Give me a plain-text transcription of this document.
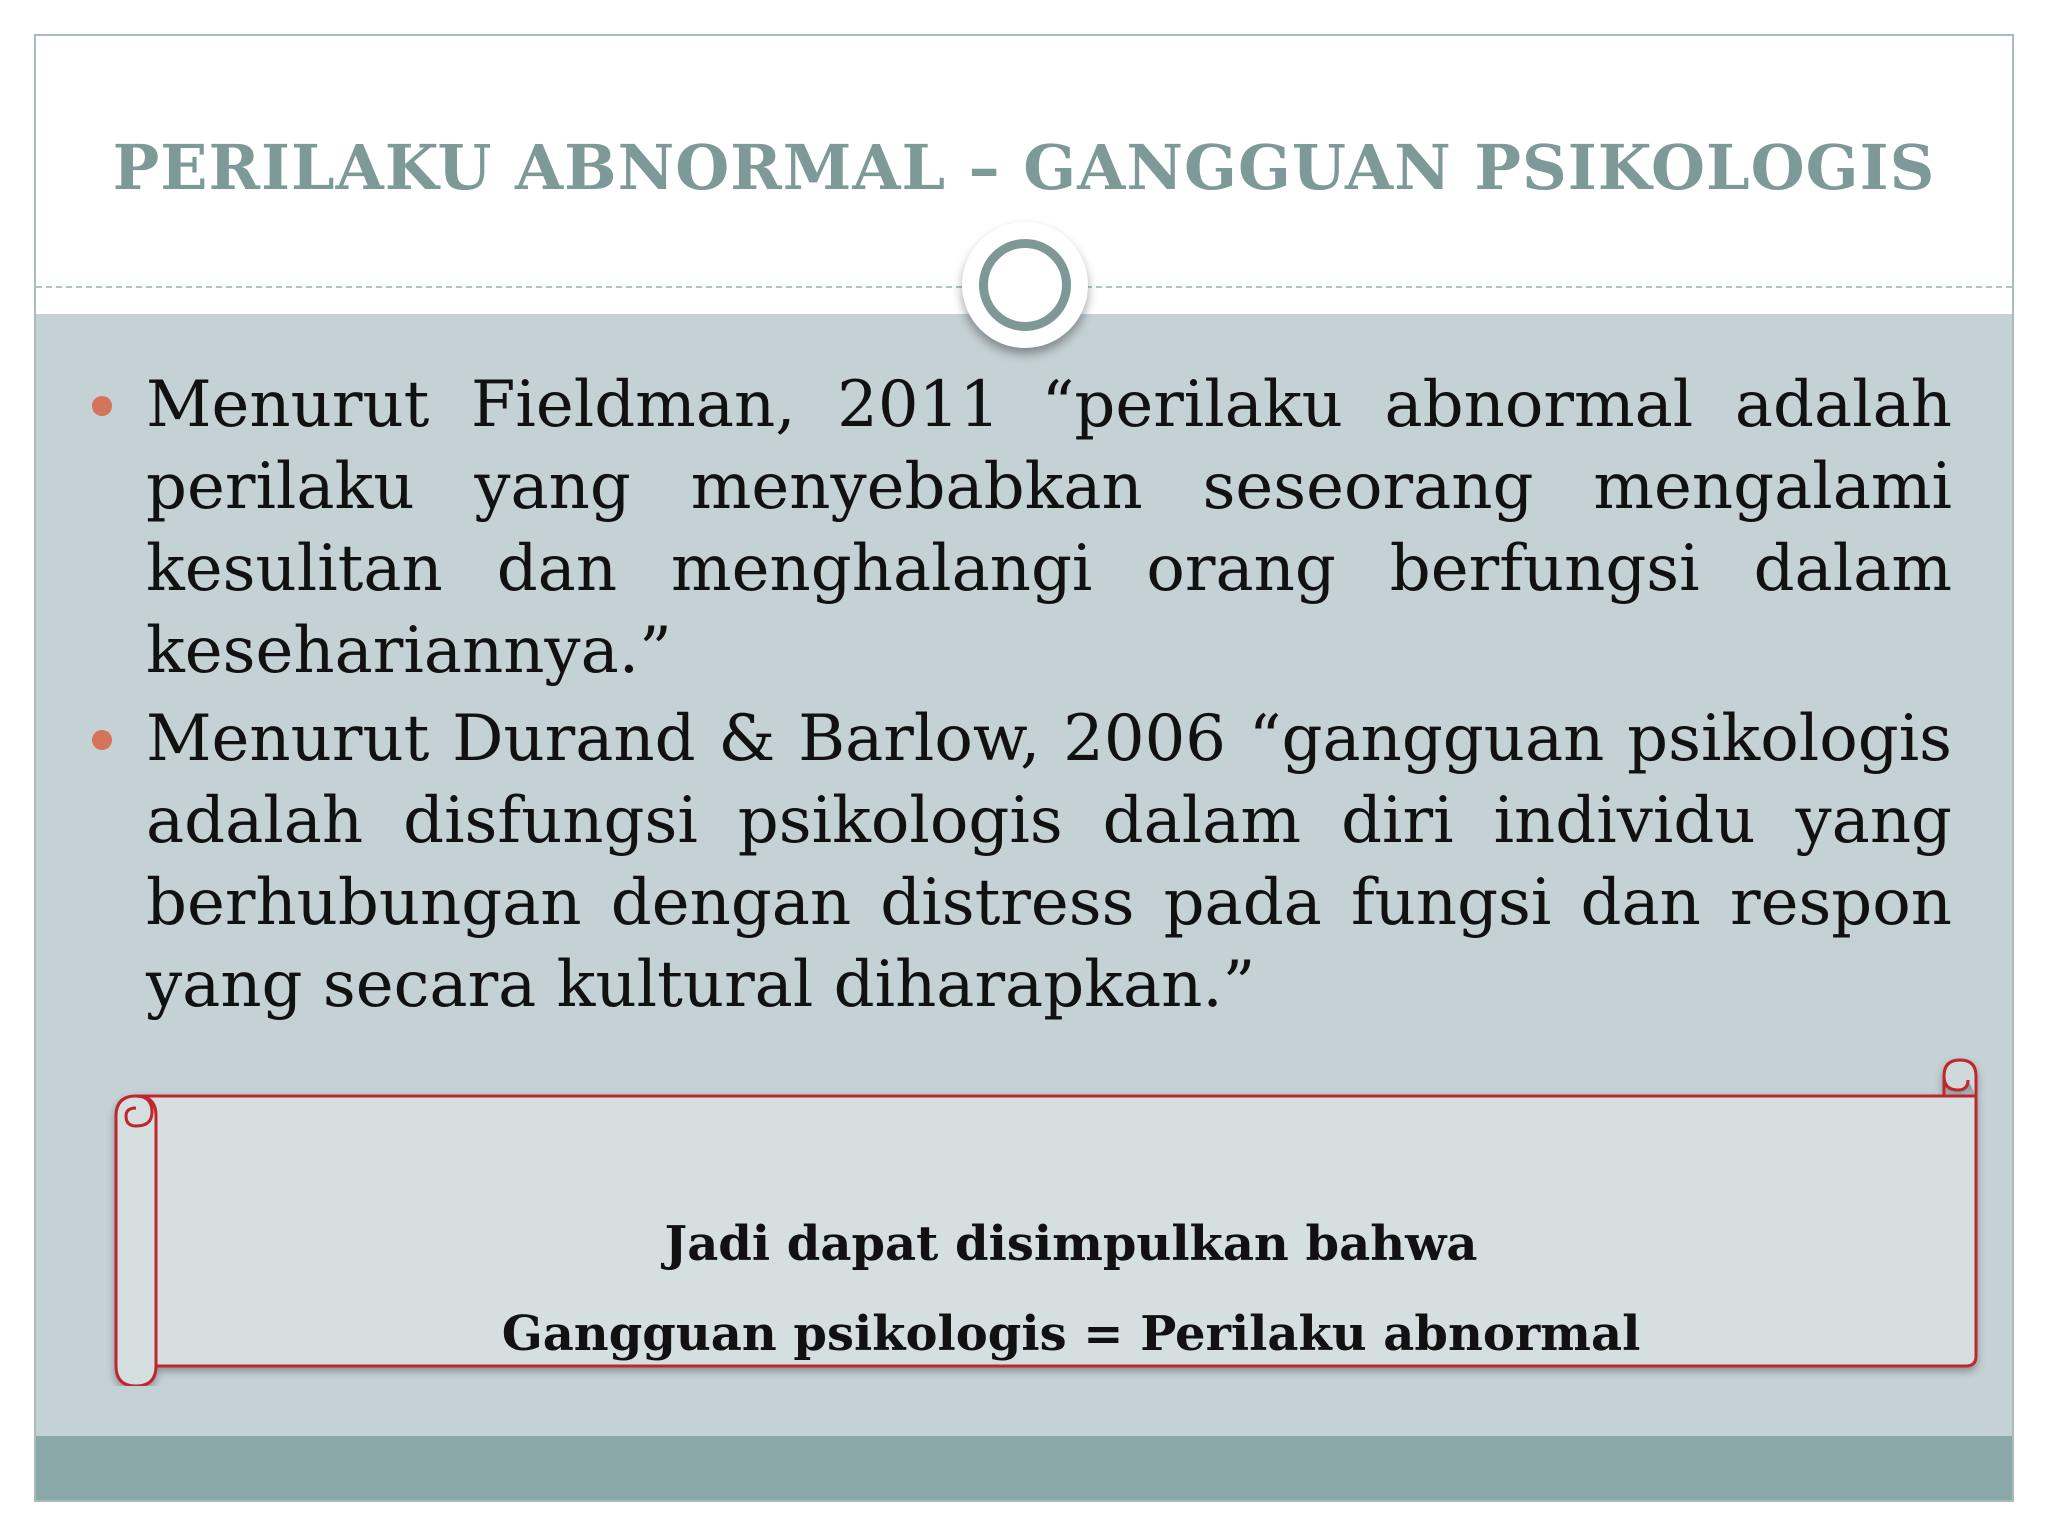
PERILAKU ABNORMAL – GANGGUAN PSIKOLOGIS
Menurut Fieldman, 2011 “perilaku abnormal adalah perilaku yang menyebabkan seseorang mengalami kesulitan dan menghalangi orang berfungsi dalam kesehariannya.”
Menurut Durand & Barlow, 2006 “gangguan psikologis adalah disfungsi psikologis dalam diri individu yang berhubungan dengan distress pada fungsi dan respon yang secara kultural diharapkan.”
Jadi dapat disimpulkan bahwa
Gangguan psikologis = Perilaku abnormal
